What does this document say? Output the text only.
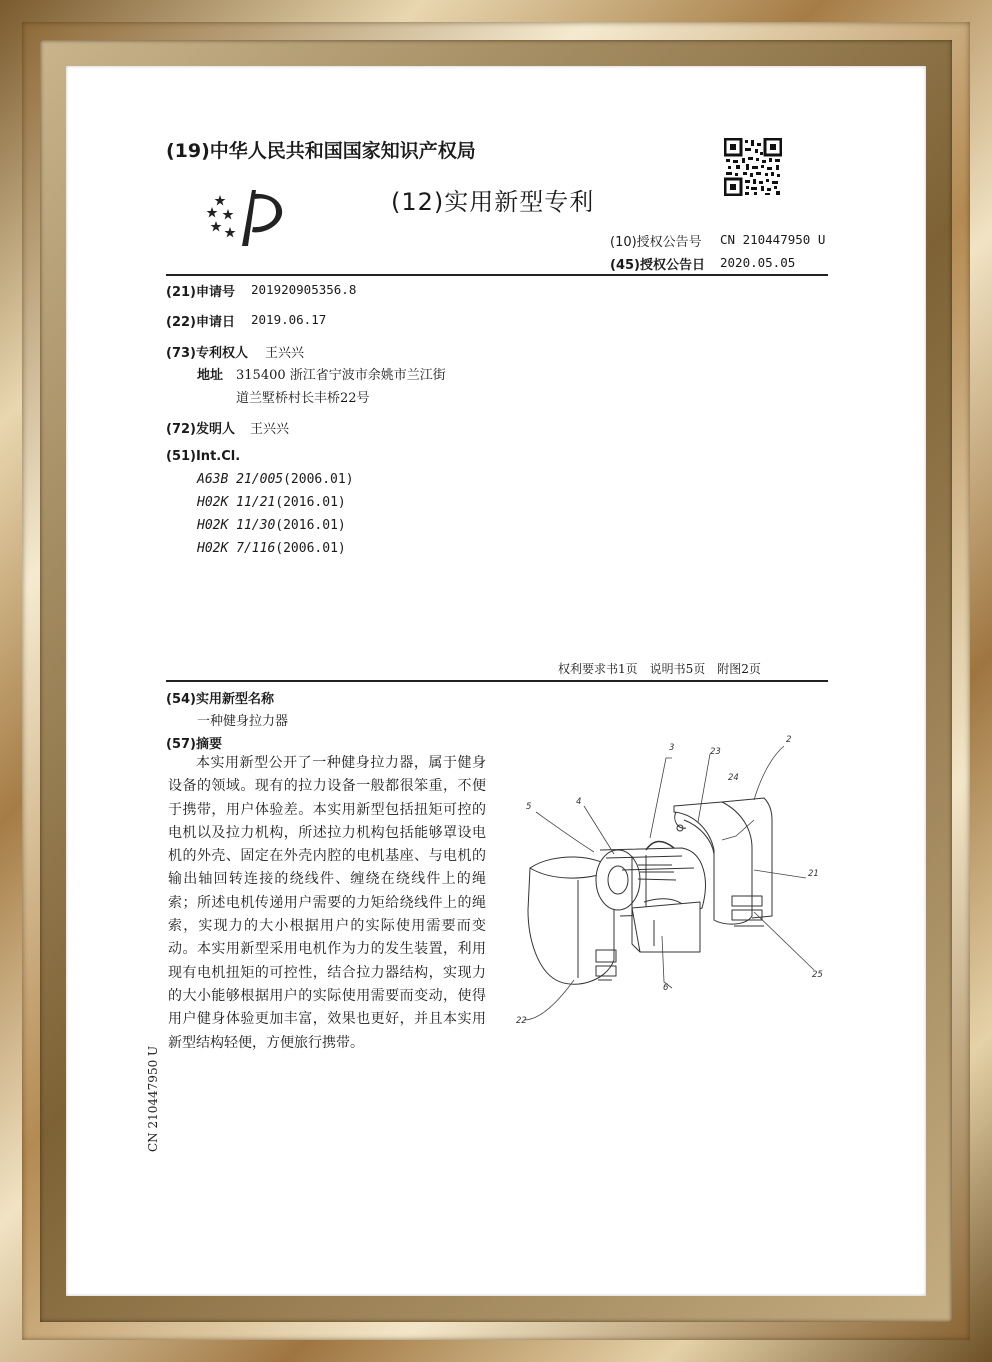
(19)中华人民共和国国家知识产权局
(12)实用新型专利
(10)授权公告号 CN 210447950 U
(45)授权公告日 2020.05.05
(21)申请号 201920905356.8
(22)申请日 2019.06.17
(73)专利权人 王兴兴
地址 315400 浙江省宁波市余姚市兰江街
道兰墅桥村长丰桥22号
(72)发明人 王兴兴
(51)Int.Cl.
A63B 21/005(2006.01)
H02K 11/21(2016.01)
H02K 11/30(2016.01)
H02K 7/116(2006.01)
权利要求书1页　说明书5页　附图2页
(54)实用新型名称
一种健身拉力器
(57)摘要
本实用新型公开了一种健身拉力器，属于健身设备的领域。现有的拉力设备一般都很笨重，不便于携带，用户体验差。本实用新型包括扭矩可控的电机以及拉力机构，所述拉力机构包括能够罩设电机的外壳、固定在外壳内腔的电机基座、与电机的输出轴回转连接的绕线件、缠绕在绕线件上的绳索；所述电机传递用户需要的力矩给绕线件上的绳索，实现力的大小根据用户的实际使用需要而变动。本实用新型采用电机作为力的发生装置，利用现有电机扭矩的可控性，结合拉力器结构，实现力的大小能够根据用户的实际使用需要而变动，使得用户健身体验更加丰富，效果也更好，并且本实用新型结构轻便，方便旅行携带。
CN 210447950 U
3	23
2
24
5	4
21
25
6
22
